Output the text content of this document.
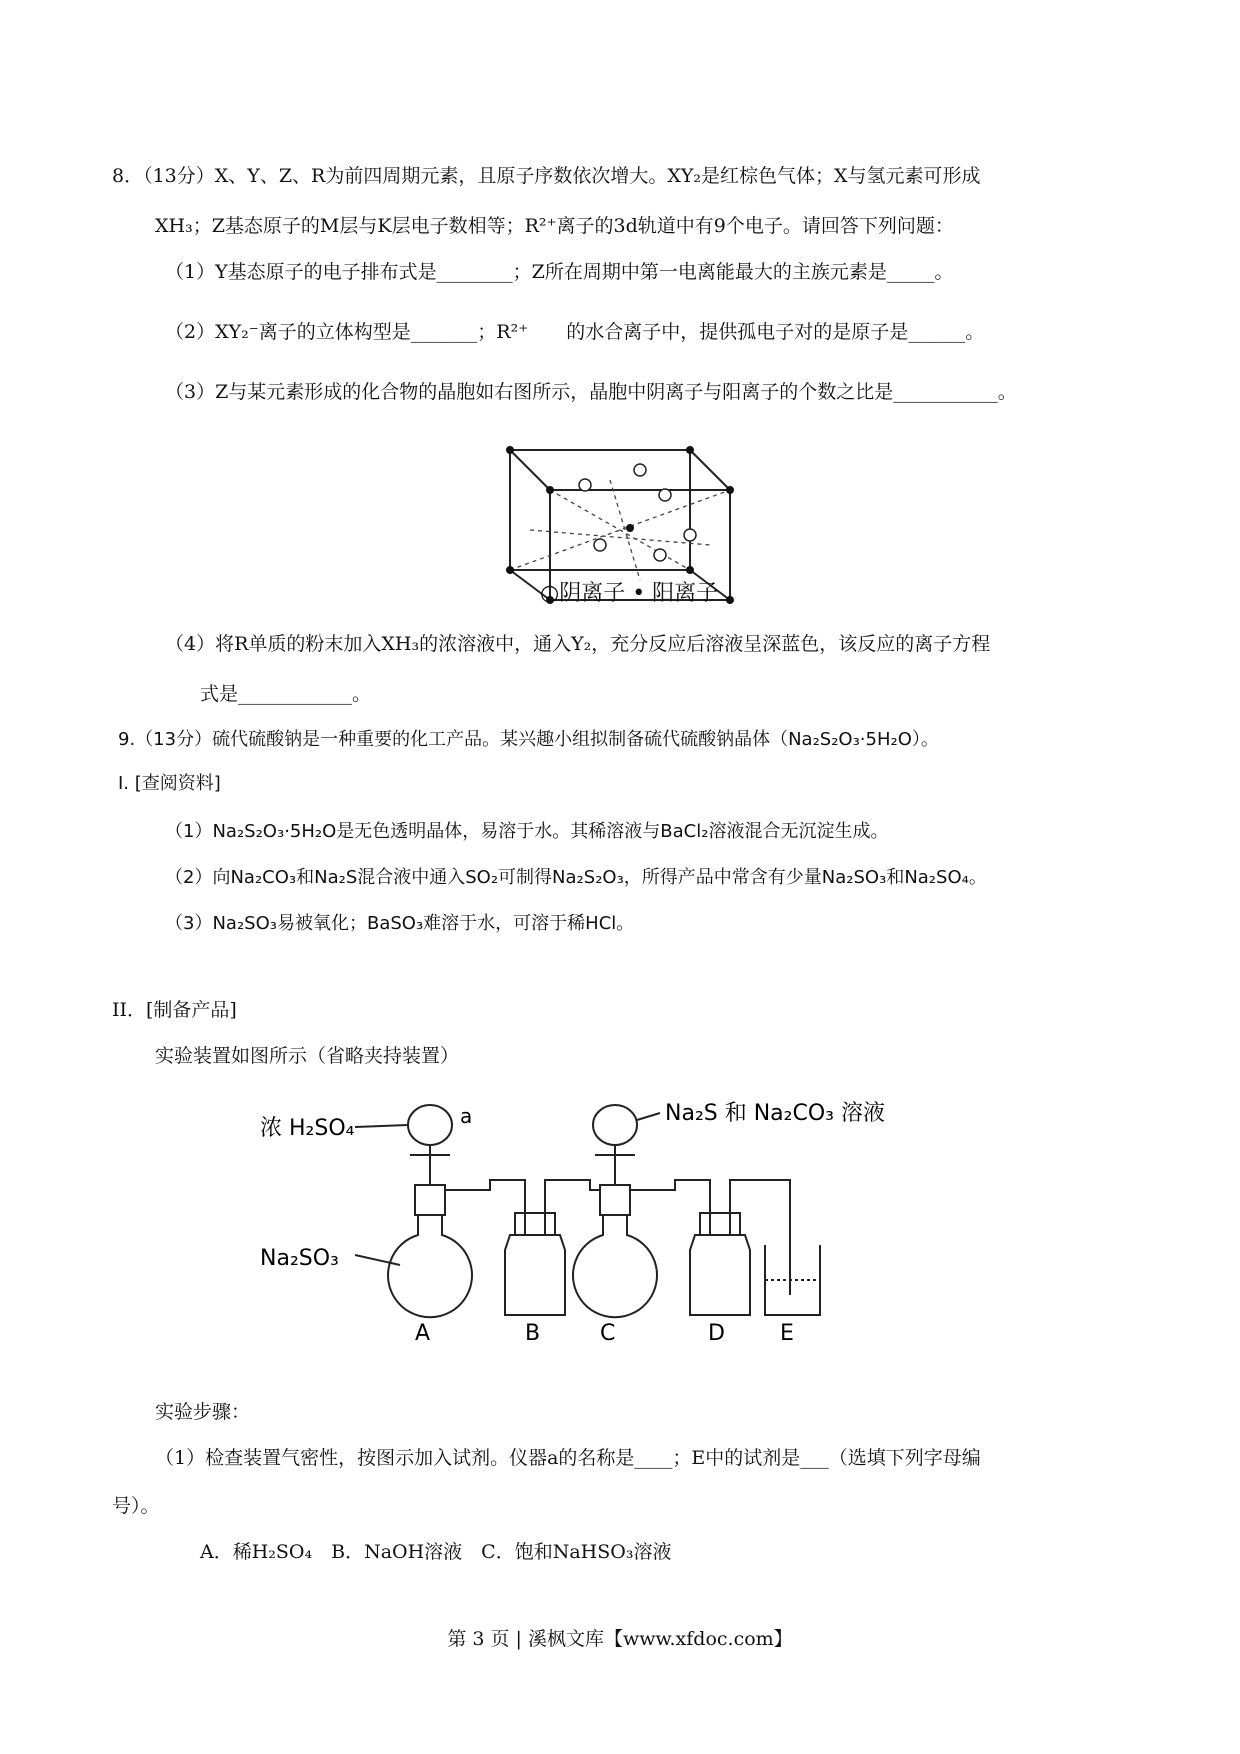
8．（13分）X、Y、Z、R为前四周期元素，且原子序数依次增大。XY₂是红棕色气体；X与氢元素可形成
XH₃；Z基态原子的M层与K层电子数相等；R²⁺离子的3d轨道中有9个电子。请回答下列问题：
（1）Y基态原子的电子排布式是________；Z所在周期中第一电离能最大的主族元素是_____。
（2）XY₂⁻离子的立体构型是_______；R²⁺　　的水合离子中，提供孤电子对的是原子是______。
（3）Z与某元素形成的化合物的晶胞如右图所示，晶胞中阴离子与阳离子的个数之比是___________。
○阴离子 • 阳离子
（4）将R单质的粉末加入XH₃的浓溶液中，通入Y₂，充分反应后溶液呈深蓝色，该反应的离子方程
式是____________。
9.（13分）硫代硫酸钠是一种重要的化工产品。某兴趣小组拟制备硫代硫酸钠晶体（Na₂S₂O₃·5H₂O）。
I. [查阅资料]
（1）Na₂S₂O₃·5H₂O是无色透明晶体，易溶于水。其稀溶液与BaCl₂溶液混合无沉淀生成。
（2）向Na₂CO₃和Na₂S混合液中通入SO₂可制得Na₂S₂O₃，所得产品中常含有少量Na₂SO₃和Na₂SO₄。
（3）Na₂SO₃易被氧化；BaSO₃难溶于水，可溶于稀HCl。
II．[制备产品]
实验装置如图所示（省略夹持装置）
浓 H₂SO₄	a
Na₂SO₃
Na₂S 和 Na₂CO₃ 溶液
A	B	C	D	E
实验步骤：
（1）检查装置气密性，按图示加入试剂。仪器a的名称是____；E中的试剂是___（选填下列字母编
号）。
A．稀H₂SO₄　B．NaOH溶液　C．饱和NaHSO₃溶液
第 3 页 | 溪枫文库【www.xfdoc.com】
